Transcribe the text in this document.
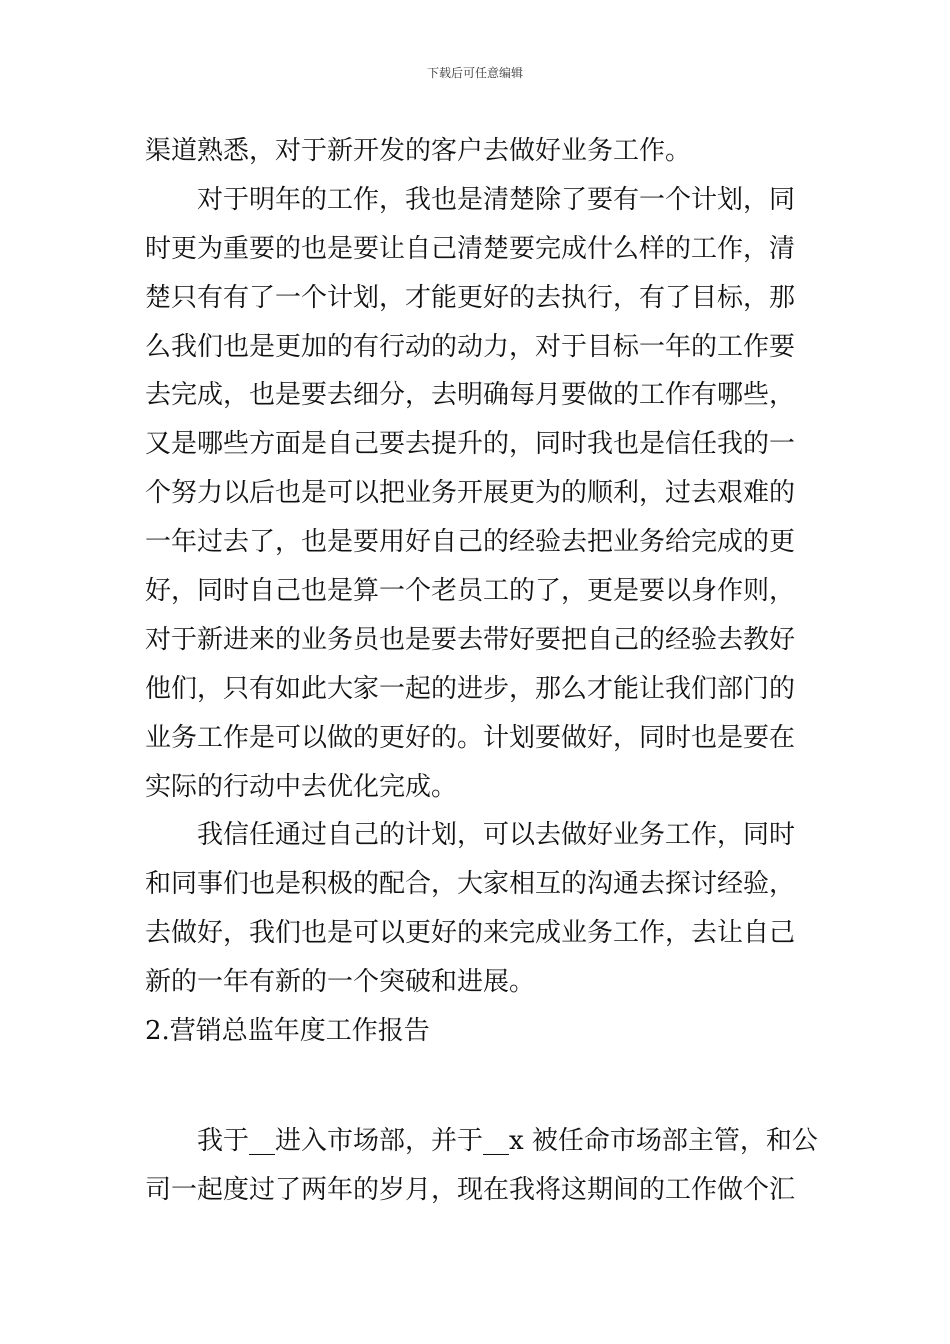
下载后可任意编辑
渠道熟悉，对于新开发的客户去做好业务工作。
对于明年的工作，我也是清楚除了要有一个计划，同
时更为重要的也是要让自己清楚要完成什么样的工作，清
楚只有有了一个计划，才能更好的去执行，有了目标，那
么我们也是更加的有行动的动力，对于目标一年的工作要
去完成，也是要去细分，去明确每月要做的工作有哪些，
又是哪些方面是自己要去提升的，同时我也是信任我的一
个努力以后也是可以把业务开展更为的顺利，过去艰难的
一年过去了，也是要用好自己的经验去把业务给完成的更
好，同时自己也是算一个老员工的了，更是要以身作则，
对于新进来的业务员也是要去带好要把自己的经验去教好
他们，只有如此大家一起的进步，那么才能让我们部门的
业务工作是可以做的更好的。计划要做好，同时也是要在
实际的行动中去优化完成。
我信任通过自己的计划，可以去做好业务工作，同时
和同事们也是积极的配合，大家相互的沟通去探讨经验，
去做好，我们也是可以更好的来完成业务工作，去让自己
新的一年有新的一个突破和进展。
2.营销总监年度工作报告
我于__进入市场部，并于__x 被任命市场部主管，和公
司一起度过了两年的岁月，现在我将这期间的工作做个汇
